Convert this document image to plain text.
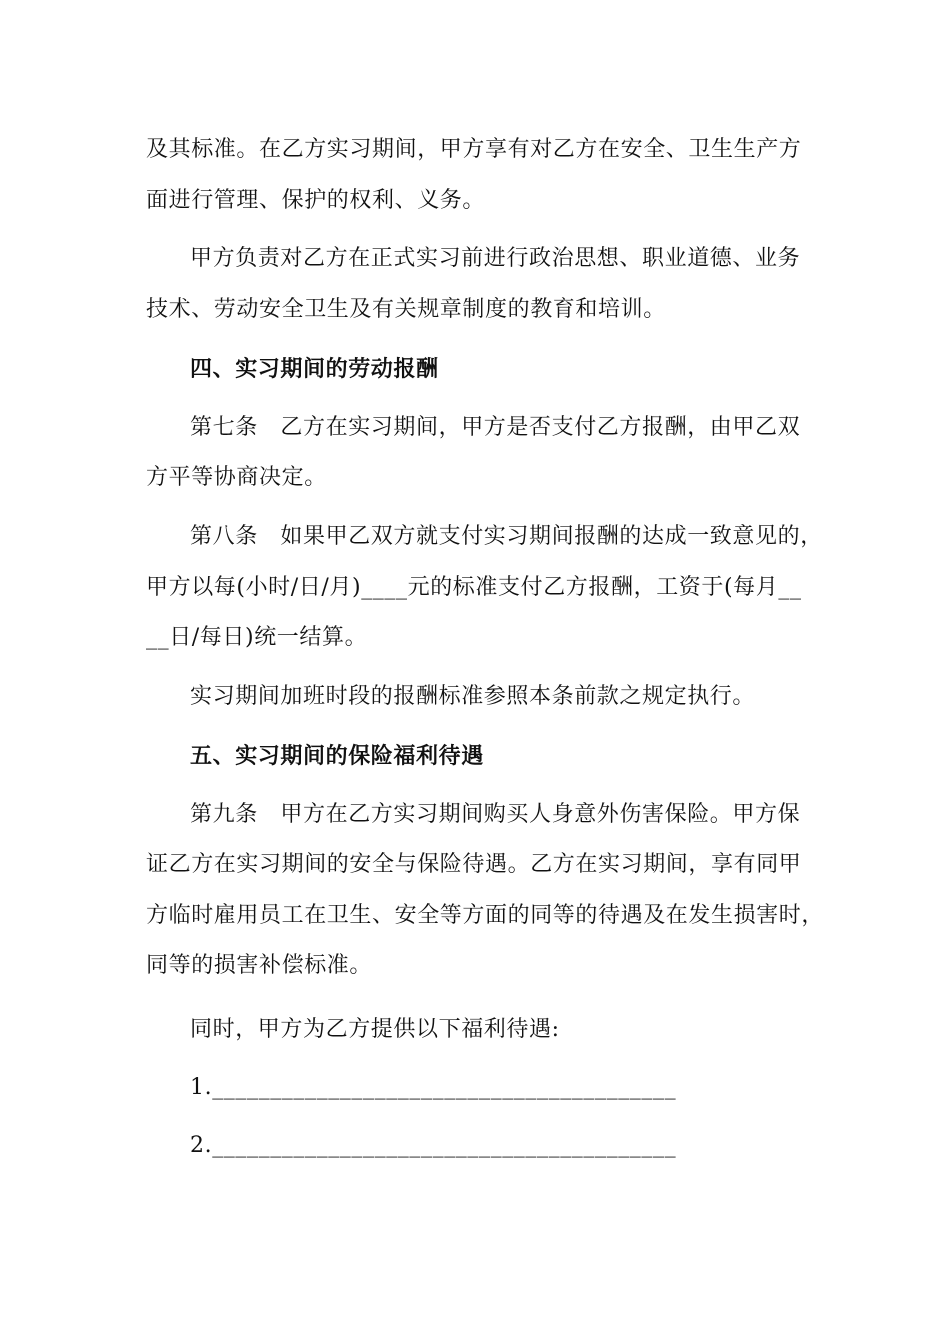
及其标准。在乙方实习期间，甲方享有对乙方在安全、卫生生产方
面进行管理、保护的权利、义务。
甲方负责对乙方在正式实习前进行政治思想、职业道德、业务
技术、劳动安全卫生及有关规章制度的教育和培训。
四、实习期间的劳动报酬
第七条　乙方在实习期间，甲方是否支付乙方报酬，由甲乙双
方平等协商决定。
第八条　如果甲乙双方就支付实习期间报酬的达成一致意见的，
甲方以每(小时/日/月)____元的标准支付乙方报酬，工资于(每月__
__日/每日)统一结算。
实习期间加班时段的报酬标准参照本条前款之规定执行。
五、实习期间的保险福利待遇
第九条　甲方在乙方实习期间购买人身意外伤害保险。甲方保
证乙方在实习期间的安全与保险待遇。乙方在实习期间，享有同甲
方临时雇用员工在卫生、安全等方面的同等的待遇及在发生损害时，
同等的损害补偿标准。
同时，甲方为乙方提供以下福利待遇:
1.________________________________________
2.________________________________________
